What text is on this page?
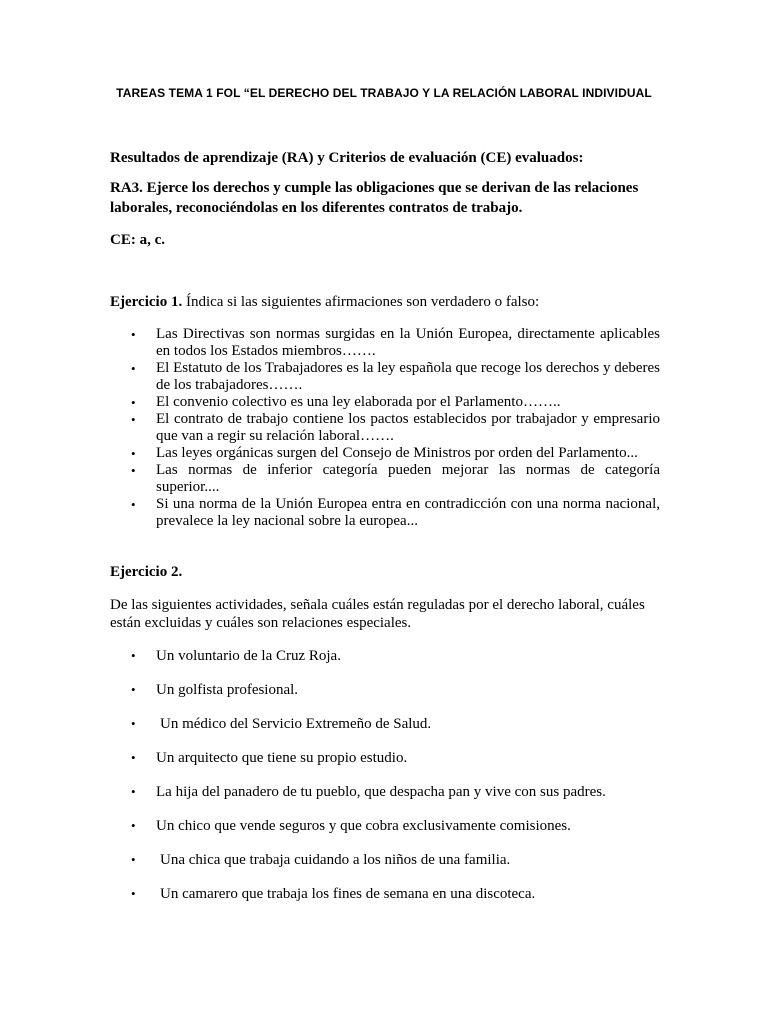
TAREAS TEMA 1 FOL “EL DERECHO DEL TRABAJO Y LA RELACIÓN LABORAL INDIVIDUAL
Resultados de aprendizaje (RA) y Criterios de evaluación (CE) evaluados:
RA3. Ejerce los derechos y cumple las obligaciones que se derivan de las relaciones laborales, reconociéndolas en los diferentes contratos de trabajo.
CE: a, c.
Ejercicio 1. Índica si las siguientes afirmaciones son verdadero o falso:
• Las Directivas son normas surgidas en la Unión Europea, directamente aplicables en todos los Estados miembros…….
• El Estatuto de los Trabajadores es la ley española que recoge los derechos y deberes de los trabajadores…….
• El convenio colectivo es una ley elaborada por el Parlamento……..
• El contrato de trabajo contiene los pactos establecidos por trabajador y empresario que van a regir su relación laboral…….
• Las leyes orgánicas surgen del Consejo de Ministros por orden del Parlamento...
• Las normas de inferior categoría pueden mejorar las normas de categoría superior....
• Si una norma de la Unión Europea entra en contradicción con una norma nacional, prevalece la ley nacional sobre la europea...
Ejercicio 2.
De las siguientes actividades, señala cuáles están reguladas por el derecho laboral, cuáles están excluidas y cuáles son relaciones especiales.
• Un voluntario de la Cruz Roja.
• Un golfista profesional.
• Un médico del Servicio Extremeño de Salud.
• Un arquitecto que tiene su propio estudio.
• La hija del panadero de tu pueblo, que despacha pan y vive con sus padres.
• Un chico que vende seguros y que cobra exclusivamente comisiones.
• Una chica que trabaja cuidando a los niños de una familia.
• Un camarero que trabaja los fines de semana en una discoteca.
